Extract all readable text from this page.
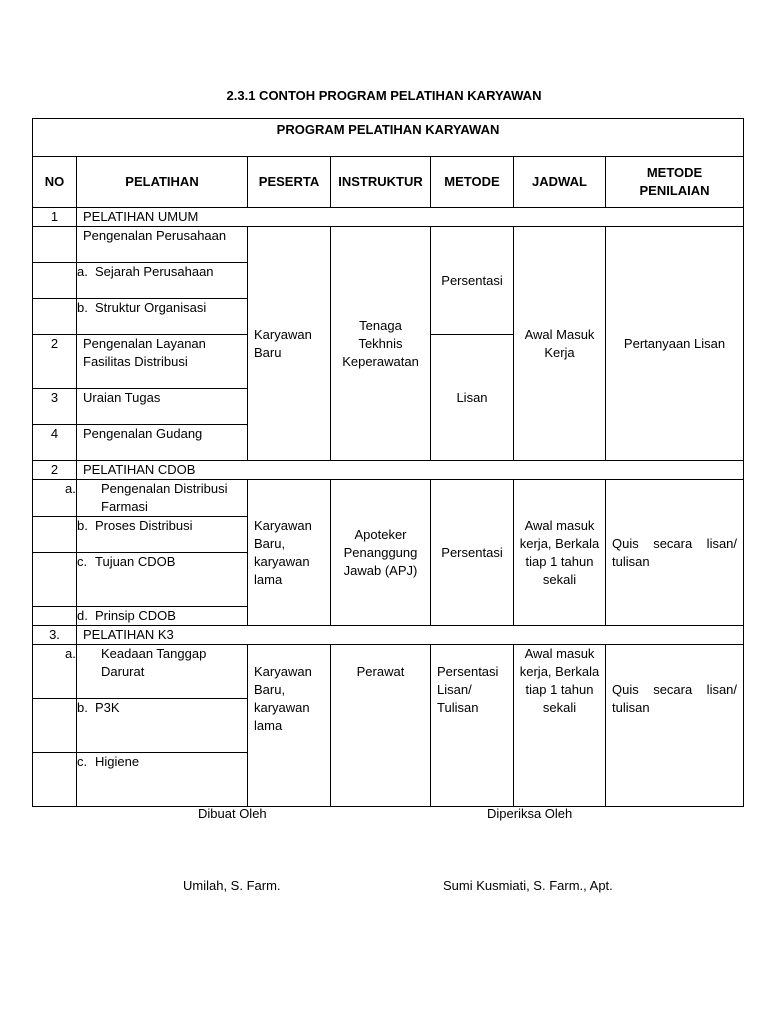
2.3.1 CONTOH PROGRAM PELATIHAN KARYAWAN
PROGRAM PELATIHAN KARYAWAN						
NO	PELATIHAN	PESERTA	INSTRUKTUR	METODE	JADWAL	METODE PENILAIAN
1	PELATIHAN UMUM					
	Pengenalan Perusahaan	Karyawan Baru	Tenaga Tekhnis Keperawatan	Persentasi	Awal Masuk Kerja	Pertanyaan Lisan
	a. Sejarah Perusahaan					
	b. Struktur Organisasi					
2	Pengenalan Layanan Fasilitas Distribusi			Lisan		
3	Uraian Tugas					
4	Pengenalan Gudang					
2	PELATIHAN CDOB					

	a. Pengenalan Distribusi Farmasi	Karyawan Baru, karyawan lama	Apoteker Penanggung Jawab (APJ)	Persentasi	Awal masuk kerja, Berkala tiap 1 tahun sekali	Quis secara lisan/ tulisan
	b. Proses Distribusi					
	c. Tujuan CDOB					
	d. Prinsip CDOB					
3.	PELATIHAN K3					

	a. Keadaan Tanggap Darurat	Karyawan Baru, karyawan lama	Perawat	Persentasi Lisan/ Tulisan	Awal masuk kerja, Berkala tiap 1 tahun sekali	Quis secara lisan/ tulisan
	b. P3K					
	c. Higiene					
Dibuat Oleh	Diperiksa Oleh
Umilah, S. Farm.	Sumi Kusmiati, S. Farm., Apt.
